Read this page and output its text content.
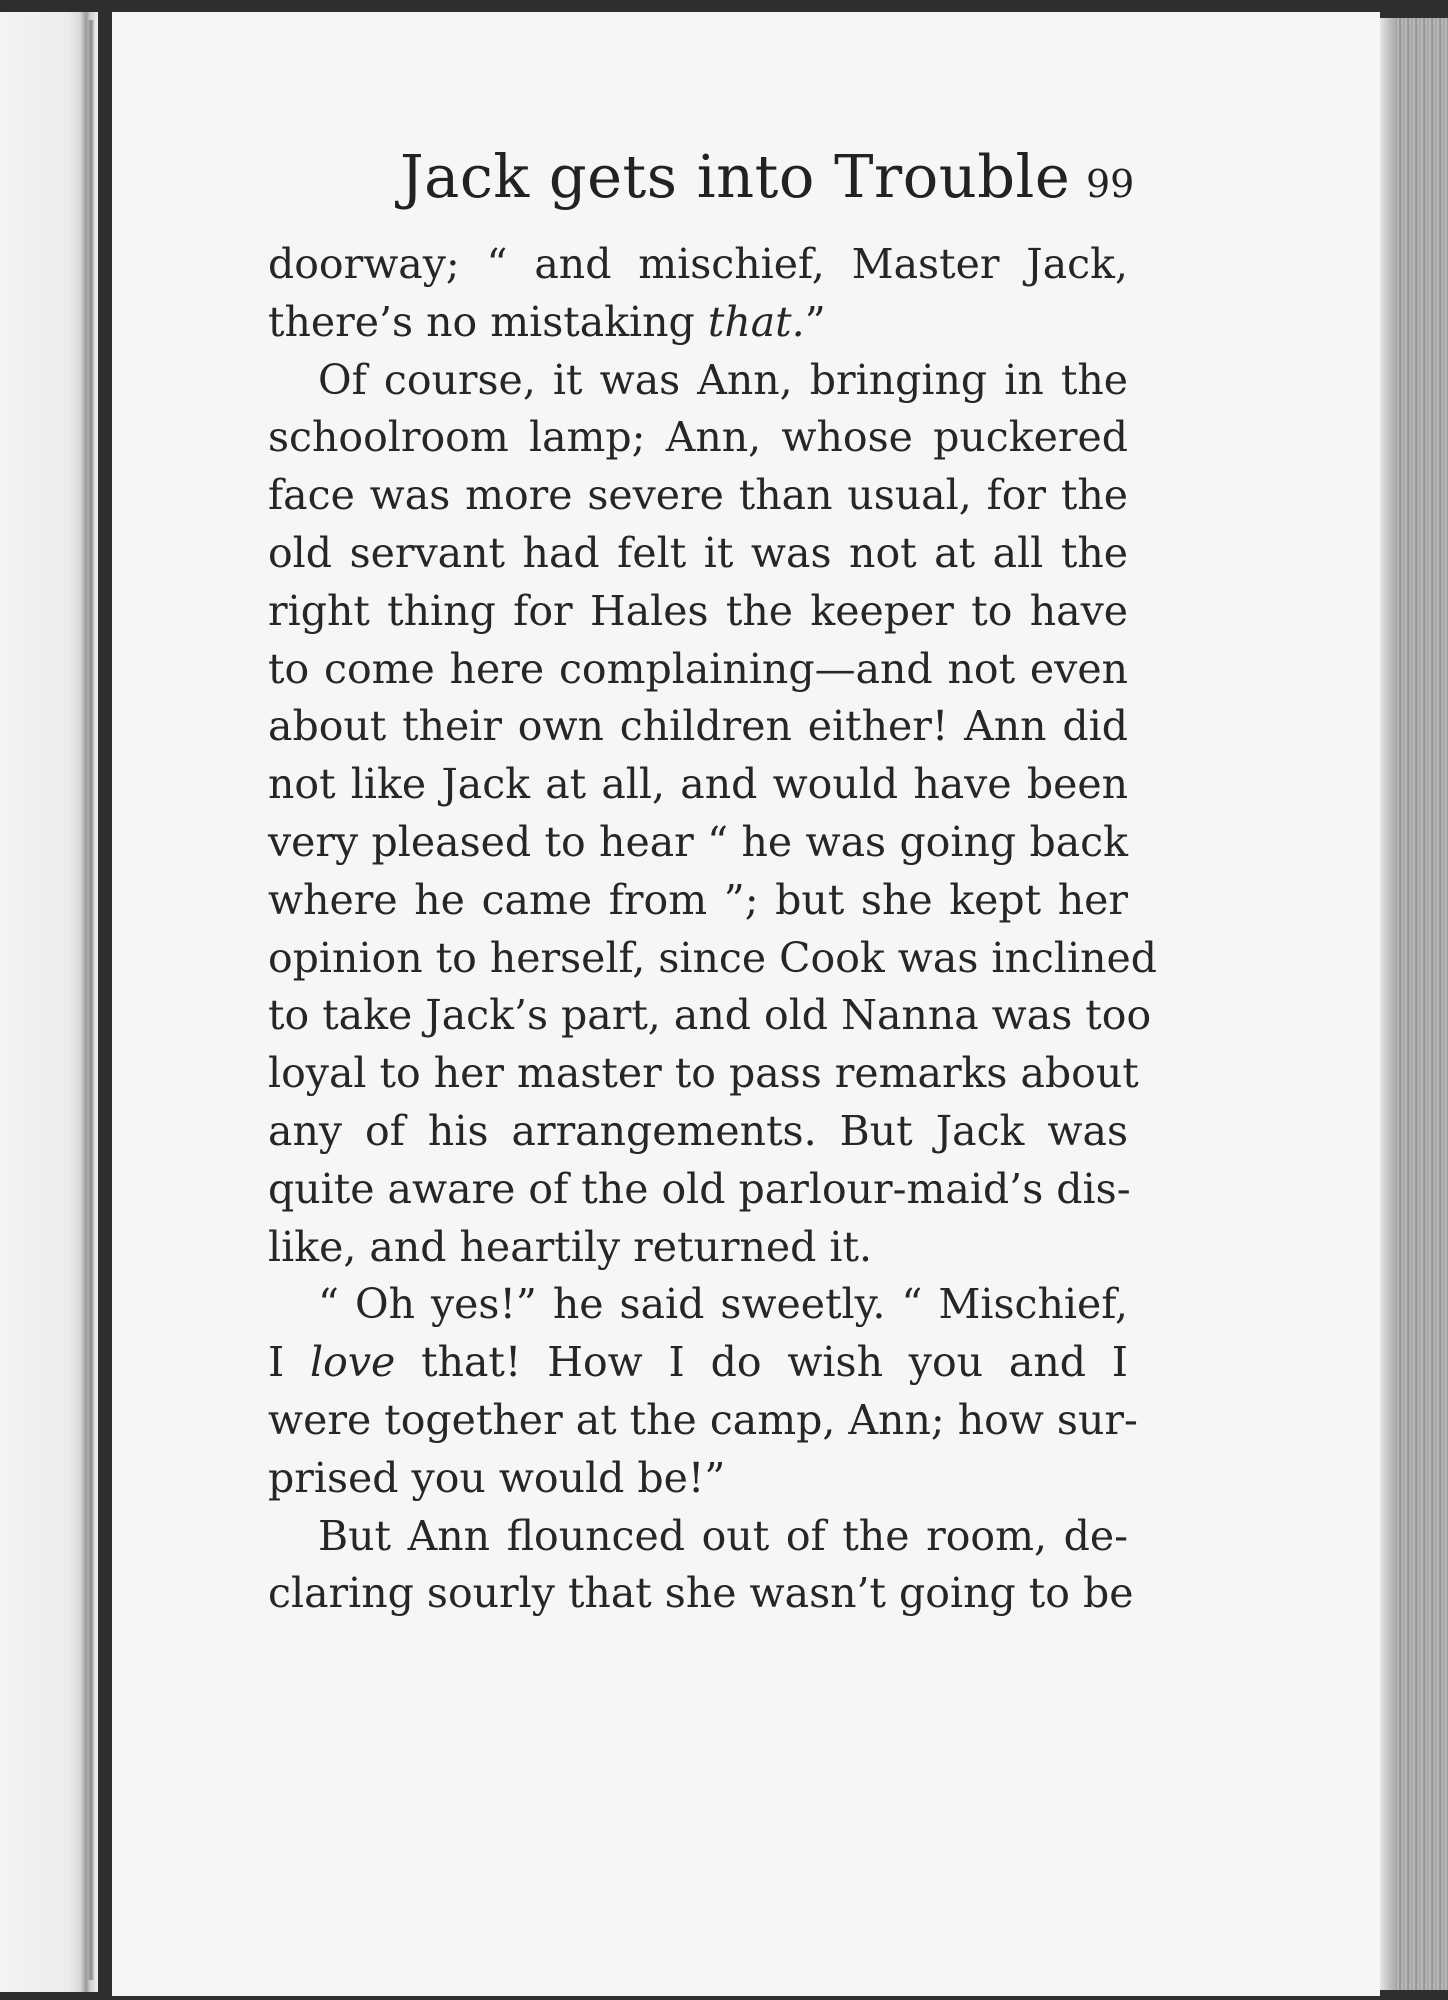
Jack gets into Trouble 99
doorway; “ and mischief, Master Jack,
there’s no mistaking that.”
Of course, it was Ann, bringing in the
schoolroom lamp; Ann, whose puckered
face was more severe than usual, for the
old servant had felt it was not at all the
right thing for Hales the keeper to have
to come here complaining—and not even
about their own children either! Ann did
not like Jack at all, and would have been
very pleased to hear “ he was going back
where he came from ”; but she kept her
opinion to herself, since Cook was inclined
to take Jack’s part, and old Nanna was too
loyal to her master to pass remarks about
any of his arrangements. But Jack was
quite aware of the old parlour-maid’s dis-
like, and heartily returned it.
“ Oh yes!” he said sweetly. “ Mischief,
I love that! How I do wish you and I
were together at the camp, Ann; how sur-
prised you would be!”
But Ann flounced out of the room, de-
claring sourly that she wasn’t going to be
